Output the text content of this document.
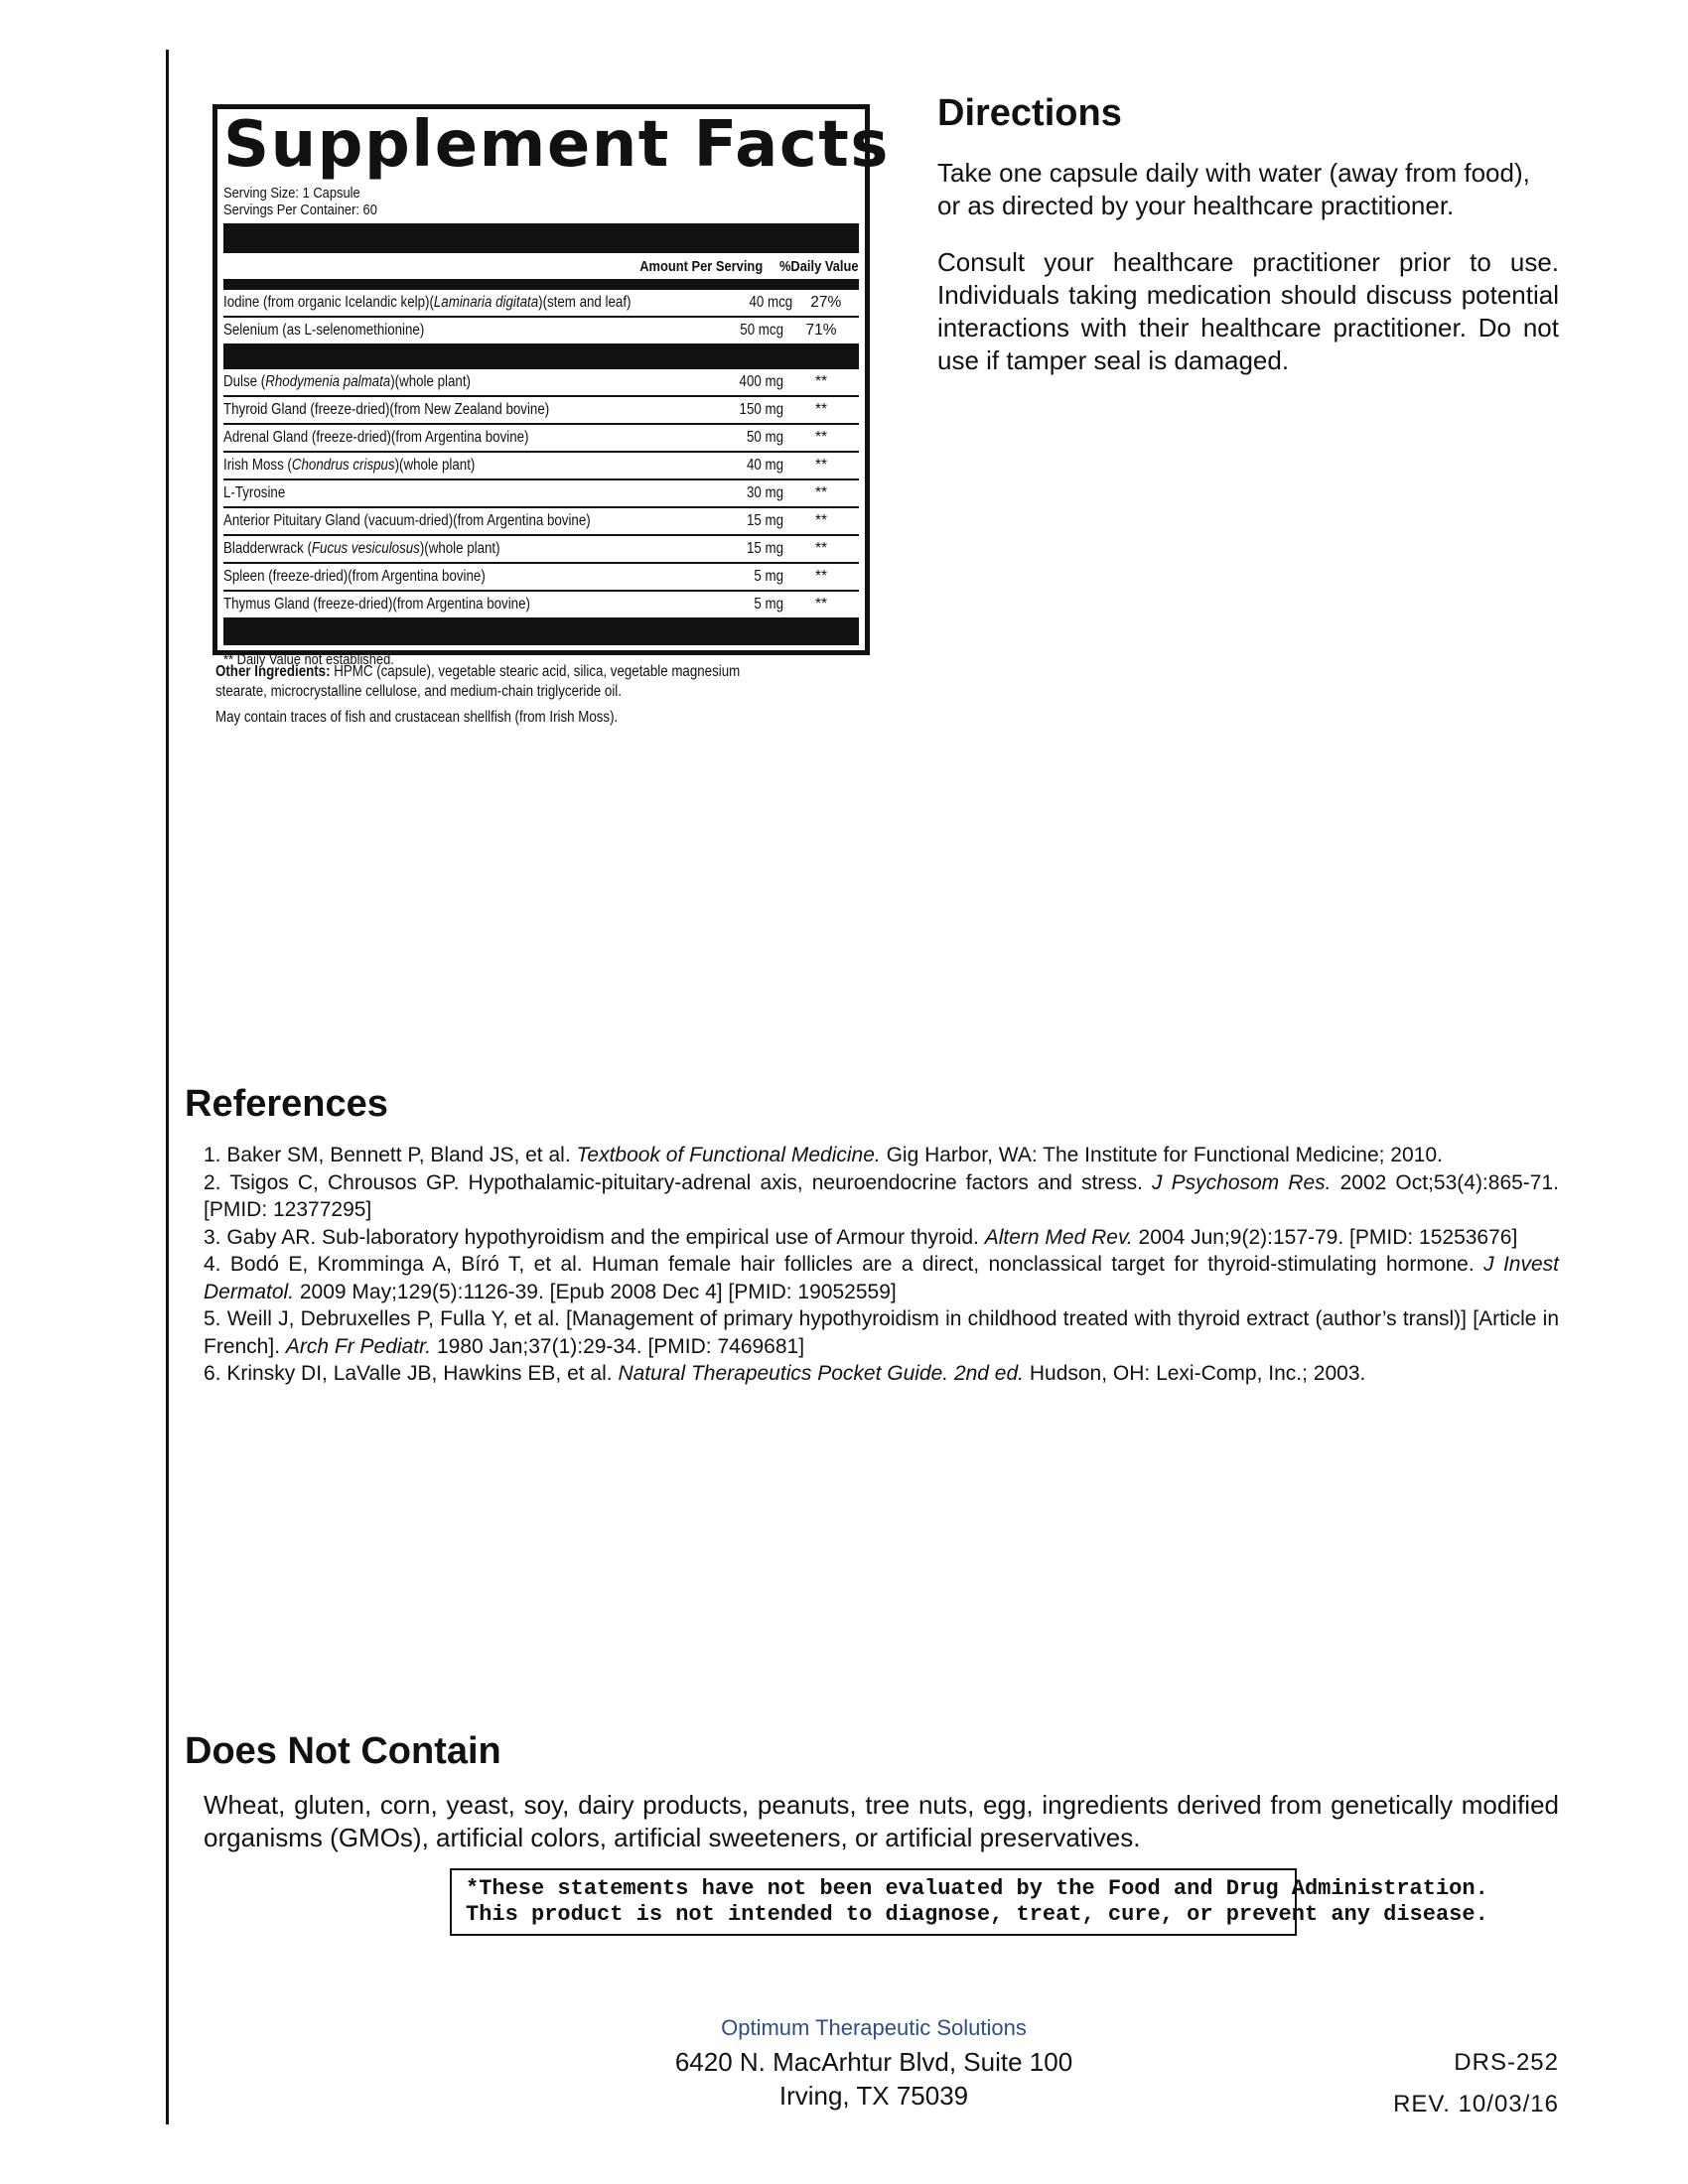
Supplement Facts
Serving Size: 1 Capsule
Servings Per Container: 60
Amount Per Serving %Daily Value
Iodine (from organic Icelandic kelp)(Laminaria digitata)(stem and leaf)	40 mcg	27%
Selenium (as L-selenomethionine)	50 mcg	71%
Dulse (Rhodymenia palmata)(whole plant)	400 mg	**
Thyroid Gland (freeze-dried)(from New Zealand bovine)	150 mg	**
Adrenal Gland (freeze-dried)(from Argentina bovine)	50 mg	**
Irish Moss (Chondrus crispus)(whole plant)	40 mg	**
L-Tyrosine	30 mg	**
Anterior Pituitary Gland (vacuum-dried)(from Argentina bovine)	15 mg	**
Bladderwrack (Fucus vesiculosus)(whole plant)	15 mg	**
Spleen (freeze-dried)(from Argentina bovine)	5 mg	**
Thymus Gland (freeze-dried)(from Argentina bovine)	5 mg	**
** Daily Value not established.
Other Ingredients: HPMC (capsule), vegetable stearic acid, silica, vegetable magnesium
stearate, microcrystalline cellulose, and medium-chain triglyceride oil.
May contain traces of fish and crustacean shellfish (from Irish Moss).
Directions
Take one capsule daily with water (away from food), or as directed by your healthcare practitioner.
Consult your healthcare practitioner prior to use. Individuals taking medication should discuss potential interactions with their healthcare practitioner. Do not use if tamper seal is damaged.
References

1. Baker SM, Bennett P, Bland JS, et al. Textbook of Functional Medicine. Gig Harbor, WA: The Institute for Functional Medicine; 2010.

2. Tsigos C, Chrousos GP. Hypothalamic-pituitary-adrenal axis, neuroendocrine factors and stress. J Psychosom Res. 2002 Oct;53(4):865-71. [PMID: 12377295]

3. Gaby AR. Sub-laboratory hypothyroidism and the empirical use of Armour thyroid. Altern Med Rev. 2004 Jun;9(2):157-79. [PMID: 15253676]

4. Bodó E, Kromminga A, Bíró T, et al. Human female hair follicles are a direct, nonclassical target for thyroid-stimulating hormone. J Invest Dermatol. 2009 May;129(5):1126-39. [Epub 2008 Dec 4] [PMID: 19052559]

5. Weill J, Debruxelles P, Fulla Y, et al. [Management of primary hypothyroidism in childhood treated with thyroid extract (author’s transl)] [Article in French]. Arch Fr Pediatr. 1980 Jan;37(1):29-34. [PMID: 7469681]

6. Krinsky DI, LaValle JB, Hawkins EB, et al. Natural Therapeutics Pocket Guide. 2nd ed. Hudson, OH: Lexi-Comp, Inc.; 2003.

Does Not Contain
Wheat, gluten, corn, yeast, soy, dairy products, peanuts, tree nuts, egg, ingredients derived from genetically modified organisms (GMOs), artificial colors, artificial sweeteners, or artificial preservatives.
*These statements have not been evaluated by the Food and Drug Administration.
This product is not intended to diagnose, treat, cure, or prevent any disease.
Optimum Therapeutic Solutions
6420 N. MacArhtur Blvd, Suite 100
Irving, TX 75039
DRS-252
REV. 10/03/16
